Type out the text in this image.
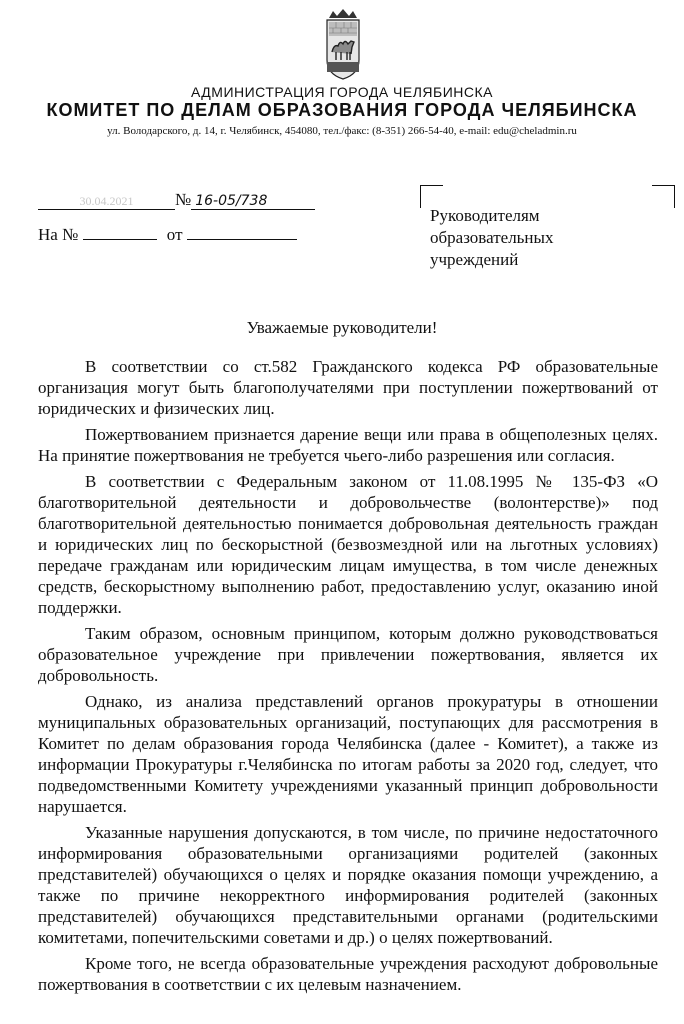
АДМИНИСТРАЦИЯ ГОРОДА ЧЕЛЯБИНСКА
КОМИТЕТ ПО ДЕЛАМ ОБРАЗОВАНИЯ ГОРОДА ЧЕЛЯБИНСКА
ул. Володарского, д. 14, г. Челябинск, 454080, тел./факс: (8-351) 266-54-40, e-mail: edu@cheladmin.ru
30.04.2021 № 16-05/738
На №	от
Руководителям
образовательных
учреждений
Уважаемые руководители!

В соответствии со ст.582 Гражданского кодекса РФ образовательные организация могут быть благополучателями при поступлении пожертвований от юридических и физических лиц.

Пожертвованием признается дарение вещи или права в общеполезных целях. На принятие пожертвования не требуется чьего-либо разрешения или согласия.

В соответствии с Федеральным законом от 11.08.1995 № 135-ФЗ «О благотворительной деятельности и добровольчестве (волонтерстве)» под благотворительной деятельностью понимается добровольная деятельность граждан и юридических лиц по бескорыстной (безвозмездной или на льготных условиях) передаче гражданам или юридическим лицам имущества, в том числе денежных средств, бескорыстному выполнению работ, предоставлению услуг, оказанию иной поддержки.

Таким образом, основным принципом, которым должно руководствоваться образовательное учреждение при привлечении пожертвования, является их добровольность.

Однако, из анализа представлений органов прокуратуры в отношении муниципальных образовательных организаций, поступающих для рассмотрения в Комитет по делам образования города Челябинска (далее - Комитет), а также из информации Прокуратуры г.Челябинска по итогам работы за 2020 год, следует, что подведомственными Комитету учреждениями указанный принцип добровольности нарушается.

Указанные нарушения допускаются, в том числе, по причине недостаточного информирования образовательными организациями родителей (законных представителей) обучающихся о целях и порядке оказания помощи учреждению, а также по причине некорректного информирования родителей (законных представителей) обучающихся представительными органами (родительскими комитетами, попечительскими советами и др.) о целях пожертвований.

Кроме того, не всегда образовательные учреждения расходуют добровольные пожертвования в соответствии с их целевым назначением.
